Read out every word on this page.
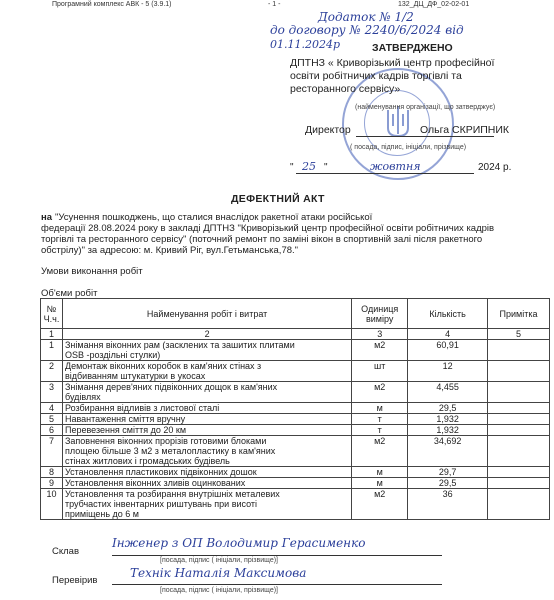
Програмний комплекс АВК - 5 (3.9.1)	- 1 -	132_ДЦ_ДФ_02-02-01
Додаток № 1/2
до договору № 2240/6/2024 від
01.11.2024р	ЗАТВЕРДЖЕНО
ДПТНЗ « Криворізький центр професійної
освіти робітничих кадрів торгівлі та
ресторанного сервісу»
(найменування організації, що затверджує)
Директор	Ольга СКРИПНИК
( посада, підпис, ініціали, прізвище)
" 25 "	жовтня	2024 р.
ДЕФЕКТНИЙ АКТ
на "Усунення пошкоджень, що сталися внаслідок ракетної атаки російської
федерації 28.08.2024 року в закладі ДПТНЗ "Криворізький центр професійної освіти робітничих кадрів
торгівлі та ресторанного сервісу" (поточний ремонт по заміні вікон в спортивній залі після ракетного
обстрілу)" за адресою: м. Кривий Ріг, вул.Гетьманська,78."
Умови виконання робіт
Об'єми робіт
№ Ч.ч.	Найменування робіт і витрат	Одиниця виміру	Кількість	Примітка
1	2	3	4	5
1	Знімання віконних рам (засклених та зашитих плитами
OSB -роздільні стулки)	м2	60,91	
2	Демонтаж віконних коробок в кам'яних стінах з
відбиванням штукатурки в укосах	шт	12	
3	Знімання дерев'яних підвіконних дощок в кам'яних
будівлях	м2	4,455	
4	Розбирання відливів з листової сталі	м	29,5	
5	Навантаження сміття вручну	т	1,932	
6	Перевезення сміття до 20 км	т	1,932	
7	Заповнення віконних прорізів готовими блоками
площею більше 3 м2 з металопластику в кам'яних
стінах житлових і громадських будівель	м2	34,692	
8	Установлення пластикових підвіконних дошок	м	29,7	
9	Установлення віконних зливів оцинкованих	м	29,5	
10	Установлення та розбирання внутрішніх металевих
трубчастих інвентарних риштувань при висоті
приміщень до 6 м	м2	36	
Склав
Інженер з ОП Володимир Герасименко
[посада, підпис ( ініціали, прізвище)]
Перевірив
Технік Наталія Максимова
[посада, підпис ( ініціали, прізвище)]
